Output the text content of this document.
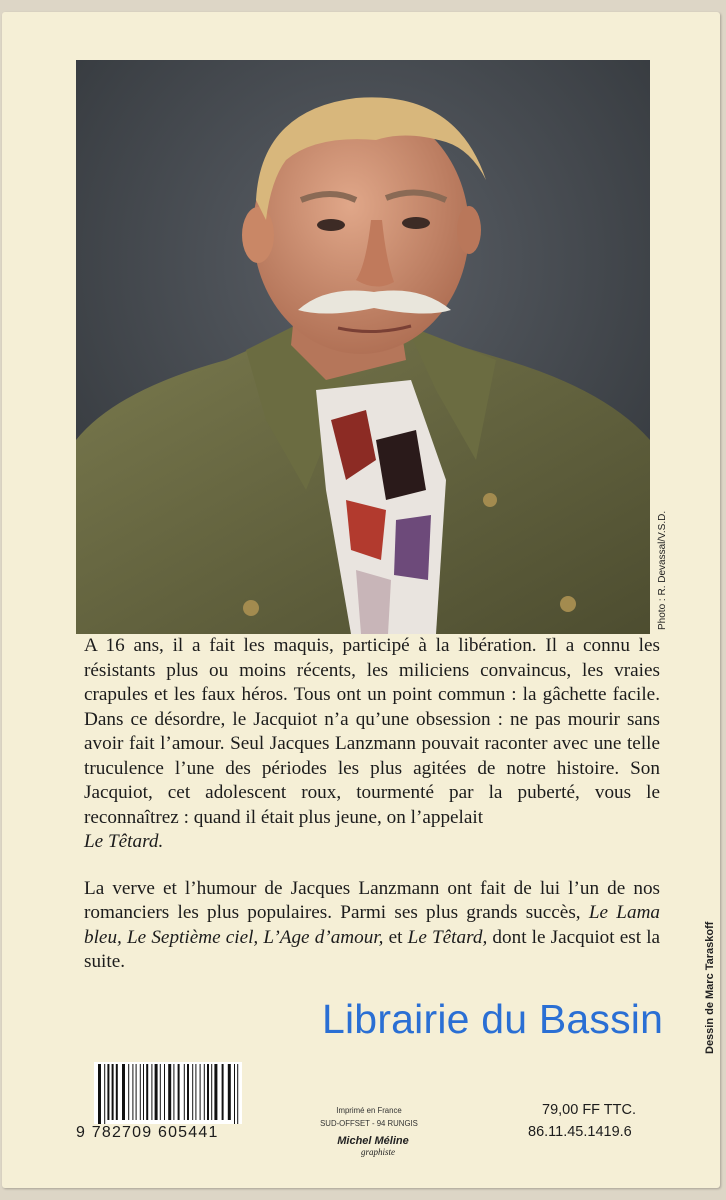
Photo : R. Devassal/V.S.D.

A 16 ans, il a fait les maquis, participé à la libération. Il a connu les résistants plus ou moins récents, les miliciens convaincus, les vraies crapules et les faux héros. Tous ont un point commun : la gâchette facile. Dans ce désordre, le Jacquiot n’a qu’une obsession : ne pas mourir sans avoir fait l’amour. Seul Jacques Lanzmann pouvait raconter avec une telle truculence l’une des périodes les plus agitées de notre histoire. Son Jacquiot, cet adolescent roux, tourmenté par la puberté, vous le reconnaîtrez : quand il était plus jeune, on l’appelait
Le Têtard.

La verve et l’humour de Jacques Lanzmann ont fait de lui l’un de nos romanciers les plus populaires. Parmi ses plus grands succès, Le Lama bleu, Le Septième ciel, L’Age d’amour, et Le Têtard, dont le Jacquiot est la suite.	Dessin de Marc Taraskoff
9 782709 605441
Imprimé en France
SUD-OFFSET - 94 RUNGIS
Michel Méline
graphiste
79,00 FF TTC.
86.11.45.1419.6
Librairie du Bassin
